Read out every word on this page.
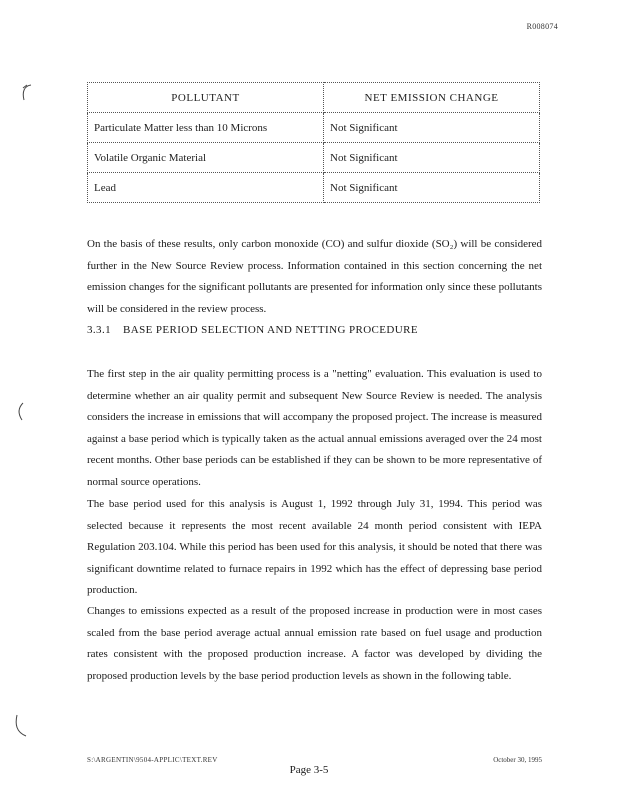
R008074
POLLUTANT	NET EMISSION CHANGE
Particulate Matter less than 10 Microns	Not Significant
Volatile Organic Material	Not Significant
Lead	Not Significant

On the basis of these results, only carbon monoxide (CO) and sulfur dioxide (SO₂) will be considered further in the New Source Review process. Information contained in this section concerning the net emission changes for the significant pollutants are presented for information only since these pollutants will be considered in the review process.

3.3.1 BASE PERIOD SELECTION AND NETTING PROCEDURE

The first step in the air quality permitting process is a "netting" evaluation. This evaluation is used to determine whether an air quality permit and subsequent New Source Review is needed. The analysis considers the increase in emissions that will accompany the proposed project. The increase is measured against a base period which is typically taken as the actual annual emissions averaged over the 24 most recent months. Other base periods can be established if they can be shown to be more representative of normal source operations.

The base period used for this analysis is August 1, 1992 through July 31, 1994. This period was selected because it represents the most recent available 24 month period consistent with IEPA Regulation 203.104. While this period has been used for this analysis, it should be noted that there was significant downtime related to furnace repairs in 1992 which has the effect of depressing base period production.

Changes to emissions expected as a result of the proposed increase in production were in most cases scaled from the base period average actual annual emission rate based on fuel usage and production rates consistent with the proposed production increase. A factor was developed by dividing the proposed production levels by the base period production levels as shown in the following table.

S:\ARGENTIN\9504-APPLIC\TEXT.REV	October 30, 1995
Page 3-5
